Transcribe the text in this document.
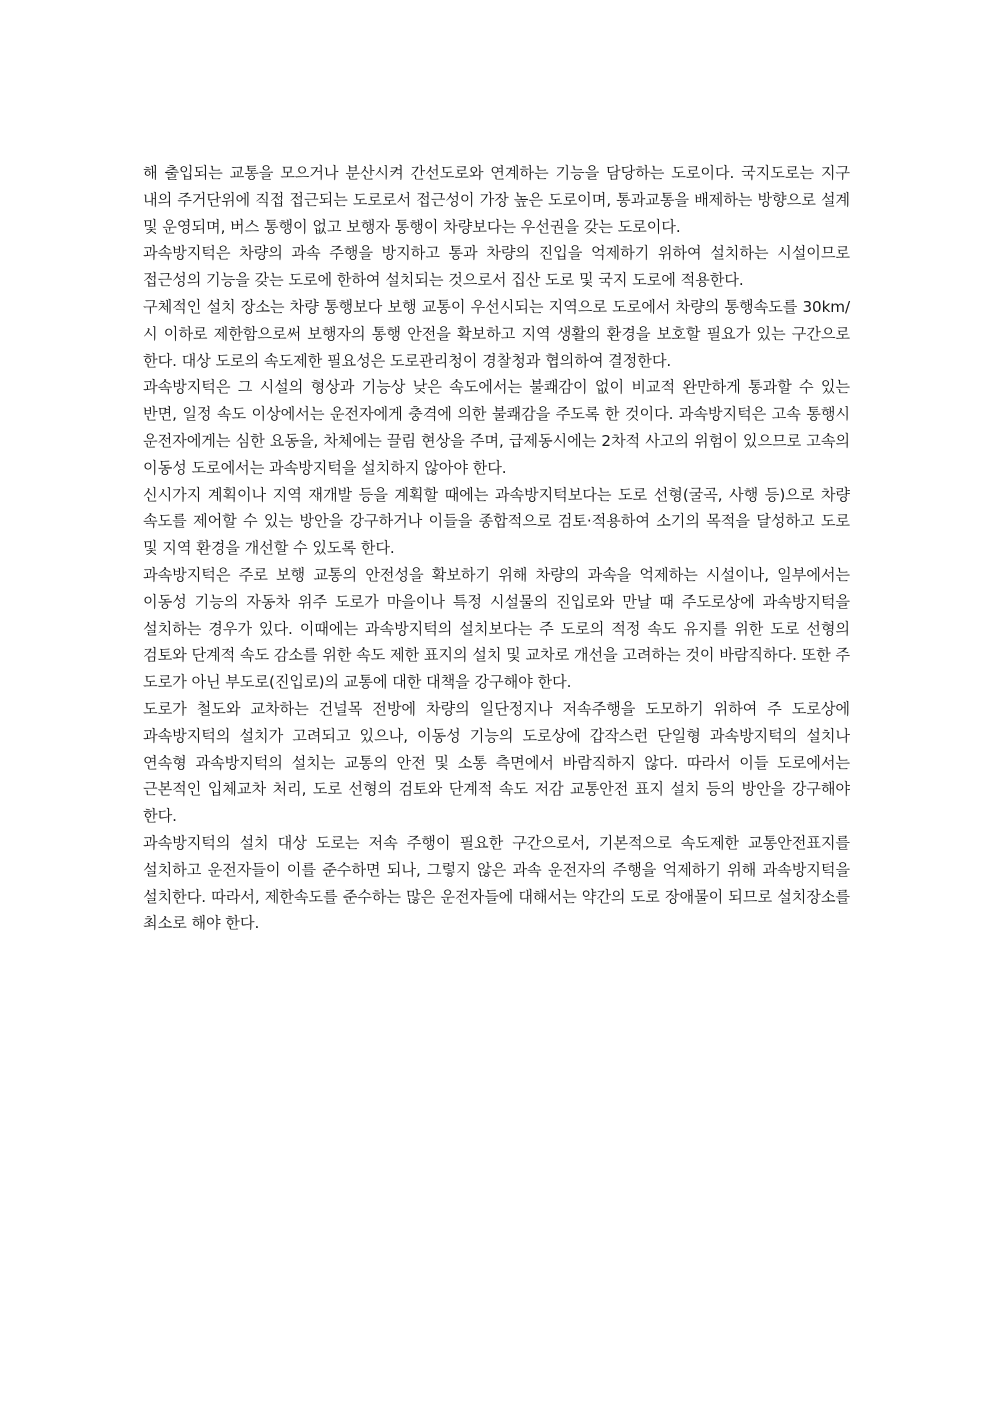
해 출입되는 교통을 모으거나 분산시켜 간선도로와 연계하는 기능을 담당하는 도로이다. 국지도로는 지구 내의 주거단위에 직접 접근되는 도로로서 접근성이 가장 높은 도로이며, 통과교통을 배제하는 방향으로 설계 및 운영되며, 버스 통행이 없고 보행자 통행이 차량보다는 우선권을 갖는 도로이다.

과속방지턱은 차량의 과속 주행을 방지하고 통과 차량의 진입을 억제하기 위하여 설치하는 시설이므로 접근성의 기능을 갖는 도로에 한하여 설치되는 것으로서 집산 도로 및 국지 도로에 적용한다.

구체적인 설치 장소는 차량 통행보다 보행 교통이 우선시되는 지역으로 도로에서 차량의 통행속도를 30km/시 이하로 제한함으로써 보행자의 통행 안전을 확보하고 지역 생활의 환경을 보호할 필요가 있는 구간으로 한다. 대상 도로의 속도제한 필요성은 도로관리청이 경찰청과 협의하여 결정한다.

과속방지턱은 그 시설의 형상과 기능상 낮은 속도에서는 불쾌감이 없이 비교적 완만하게 통과할 수 있는 반면, 일정 속도 이상에서는 운전자에게 충격에 의한 불쾌감을 주도록 한 것이다. 과속방지턱은 고속 통행시 운전자에게는 심한 요동을, 차체에는 끌림 현상을 주며, 급제동시에는 2차적 사고의 위험이 있으므로 고속의 이동성 도로에서는 과속방지턱을 설치하지 않아야 한다.

신시가지 계획이나 지역 재개발 등을 계획할 때에는 과속방지턱보다는 도로 선형(굴곡, 사행 등)으로 차량 속도를 제어할 수 있는 방안을 강구하거나 이들을 종합적으로 검토·적용하여 소기의 목적을 달성하고 도로 및 지역 환경을 개선할 수 있도록 한다.

과속방지턱은 주로 보행 교통의 안전성을 확보하기 위해 차량의 과속을 억제하는 시설이나, 일부에서는 이동성 기능의 자동차 위주 도로가 마을이나 특정 시설물의 진입로와 만날 때 주도로상에 과속방지턱을 설치하는 경우가 있다. 이때에는 과속방지턱의 설치보다는 주 도로의 적정 속도 유지를 위한 도로 선형의 검토와 단계적 속도 감소를 위한 속도 제한 표지의 설치 및 교차로 개선을 고려하는 것이 바람직하다. 또한 주 도로가 아닌 부도로(진입로)의 교통에 대한 대책을 강구해야 한다.

도로가 철도와 교차하는 건널목 전방에 차량의 일단정지나 저속주행을 도모하기 위하여 주 도로상에 과속방지턱의 설치가 고려되고 있으나, 이동성 기능의 도로상에 갑작스런 단일형 과속방지턱의 설치나 연속형 과속방지턱의 설치는 교통의 안전 및 소통 측면에서 바람직하지 않다. 따라서 이들 도로에서는 근본적인 입체교차 처리, 도로 선형의 검토와 단계적 속도 저감 교통안전 표지 설치 등의 방안을 강구해야 한다.

과속방지턱의 설치 대상 도로는 저속 주행이 필요한 구간으로서, 기본적으로 속도제한 교통안전표지를 설치하고 운전자들이 이를 준수하면 되나, 그렇지 않은 과속 운전자의 주행을 억제하기 위해 과속방지턱을 설치한다. 따라서, 제한속도를 준수하는 많은 운전자들에 대해서는 약간의 도로 장애물이 되므로 설치장소를 최소로 해야 한다.
